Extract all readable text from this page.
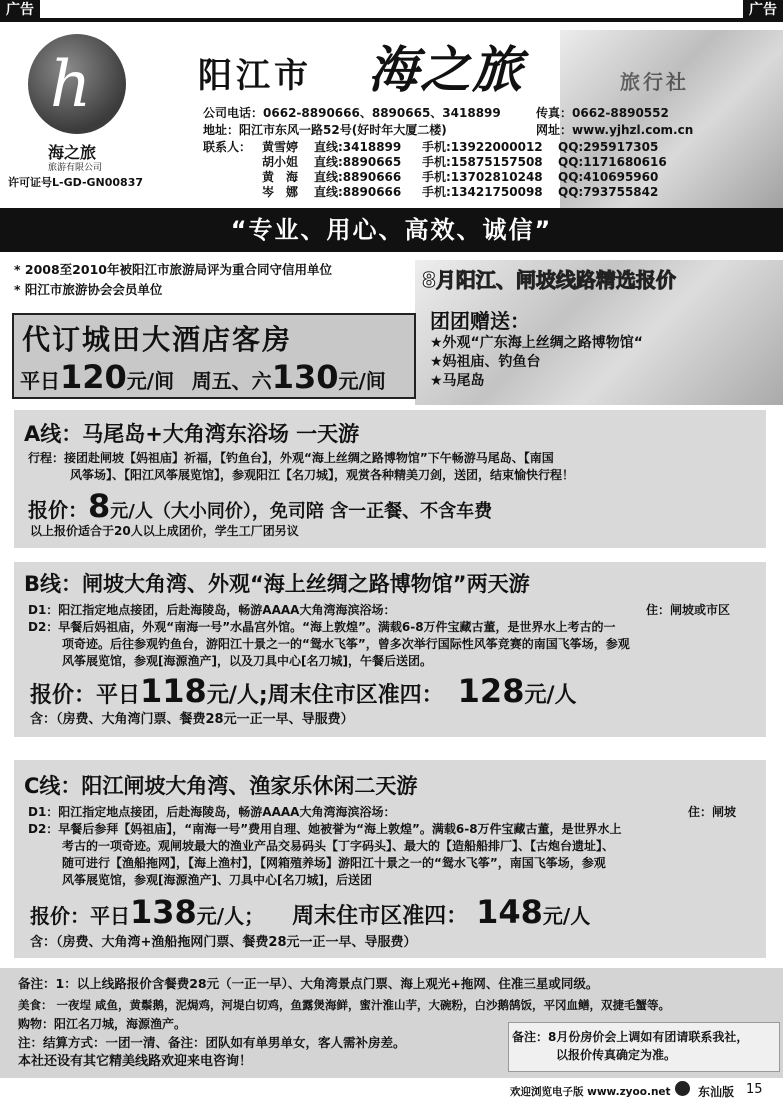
广告	广告
h
海之旅
旅游有限公司
许可证号L-GD-GN00837
阳江市 海之旅
公司电话：0662-8890666、8890665、3418899	传真：0662-8890552
地址：阳江市东风一路52号(好时年大厦二楼)	网址：www.yjhzl.com.cn
联系人： 黄雪婷 直线:3418899 手机:13922000012 QQ:295917305
胡小姐 直线:8890665 手机:15875157508 QQ:1171680616
黄　海 直线:8890666 手机:13702810248 QQ:410695960
岑　娜 直线:8890666 手机:13421750098 QQ:793755842
“专业、用心、高效、诚信”
* 2008至2010年被阳江市旅游局评为重合同守信用单位
* 阳江市旅游协会会员单位	8月阳江、闸坡线路精选报价
代订城田大酒店客房
平日120元/间 周五、六130元/间
团团赠送：
★外观“广东海上丝绸之路博物馆“
★妈祖庙、钓鱼台
★马尾岛
A线：马尾岛+大角湾东浴场 一天游
行程：接团赴闸坡【妈祖庙】祈福，【钓鱼台】，外观“海上丝绸之路博物馆”下午畅游马尾岛、【南国
风筝场】、【阳江风筝展览馆】，参观阳江【名刀城】，观赏各种精美刀剑，送团，结束愉快行程！
报价：8元/人（大小同价），免司陪 含一正餐、不含车费
以上报价适合于20人以上成团价，学生工厂团另议
B线：闸坡大角湾、外观“海上丝绸之路博物馆”两天游
D1：阳江指定地点接团，后赴海陵岛，畅游AAAA大角湾海滨浴场：	住：闸坡或市区
D2：早餐后妈祖庙，外观“南海一号”水晶宫外馆。“海上敦煌”。满载6-8万件宝藏古董，是世界水上考古的一
项奇迹。后往参观钓鱼台，游阳江十景之一的“鸳水飞筝”，曾多次举行国际性风筝竞赛的南国飞筝场，参观
风筝展览馆，参观[海源渔产]，以及刀具中心[名刀城]，午餐后送团。
报价：平日118元/人;周末住市区准四： 128元/人
含：（房费、大角湾门票、餐费28元一正一早、导服费）
C线：阳江闸坡大角湾、渔家乐休闲二天游
D1：阳江指定地点接团，后赴海陵岛，畅游AAAA大角湾海滨浴场：	住：闸坡
D2：早餐后参拜【妈祖庙】，“南海一号”费用自理、她被誉为“海上敦煌”。满载6-8万件宝藏古董，是世界水上
考古的一项奇迹。观闸坡最大的渔业产品交易码头【丁字码头】、最大的【造船船排厂】、【古炮台遗址】、
随可进行【渔船拖网】，【海上渔村】，【网箱殖养场】游阳江十景之一的“鸳水飞筝”，南国飞筝场，参观
风筝展览馆，参观[海源渔产]、刀具中心[名刀城]，后送团
报价：平日138元/人； 周末住市区准四： 148元/人
含：（房费、大角湾+渔船拖网门票、餐费28元一正一早、导服费）
备注：1：以上线路报价含餐费28元（一正一早）、大角湾景点门票、海上观光+拖网、住准三星或同级。
美食： 一夜埕 咸鱼，黄鬃鹅，泥焗鸡，河堤白切鸡，鱼露煲海鲜，蜜汁淮山芋，大碗粉，白沙鹅鹄饭，平冈血鳝，双捷毛蟹等。
购物：阳江名刀城，海源渔产。
注：结算方式：一团一清、备注：团队如有单男单女，客人需补房差。
本社还设有其它精美线路欢迎来电咨询！
备注：8月份房价会上调如有团请联系我社，
以报价传真确定为准。
欢迎浏览电子版 www.zyoo.net 东汕版 15
